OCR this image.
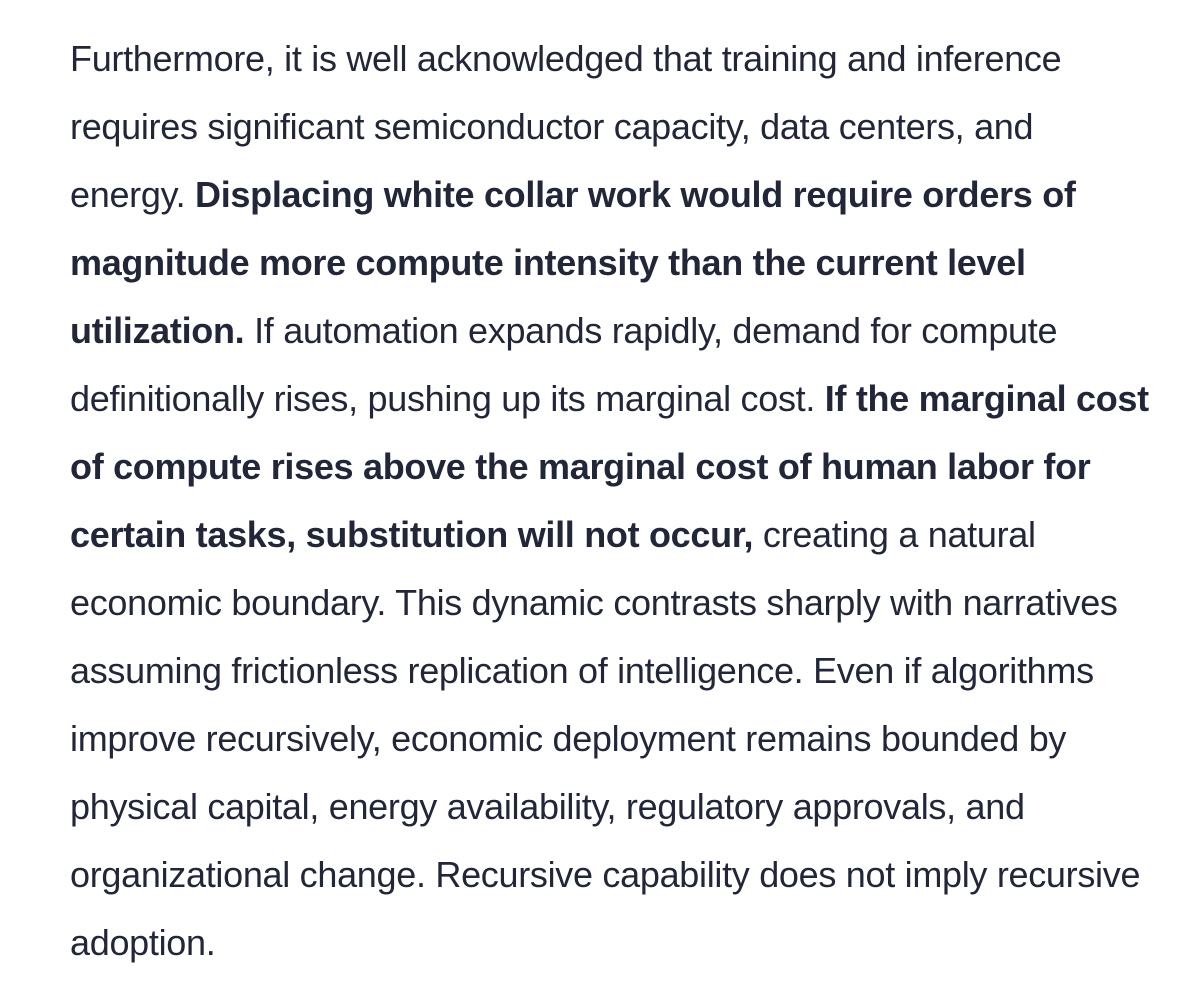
Furthermore, it is well acknowledged that training and inference requires significant semiconductor capacity, data centers, and energy. Displacing white collar work would require orders of magnitude more compute intensity than the current level utilization. If automation expands rapidly, demand for compute definitionally rises, pushing up its marginal cost. If the marginal cost of compute rises above the marginal cost of human labor for certain tasks, substitution will not occur, creating a natural economic boundary. This dynamic contrasts sharply with narratives assuming frictionless replication of intelligence. Even if algorithms improve recursively, economic deployment remains bounded by physical capital, energy availability, regulatory approvals, and organizational change. Recursive capability does not imply recursive adoption.
